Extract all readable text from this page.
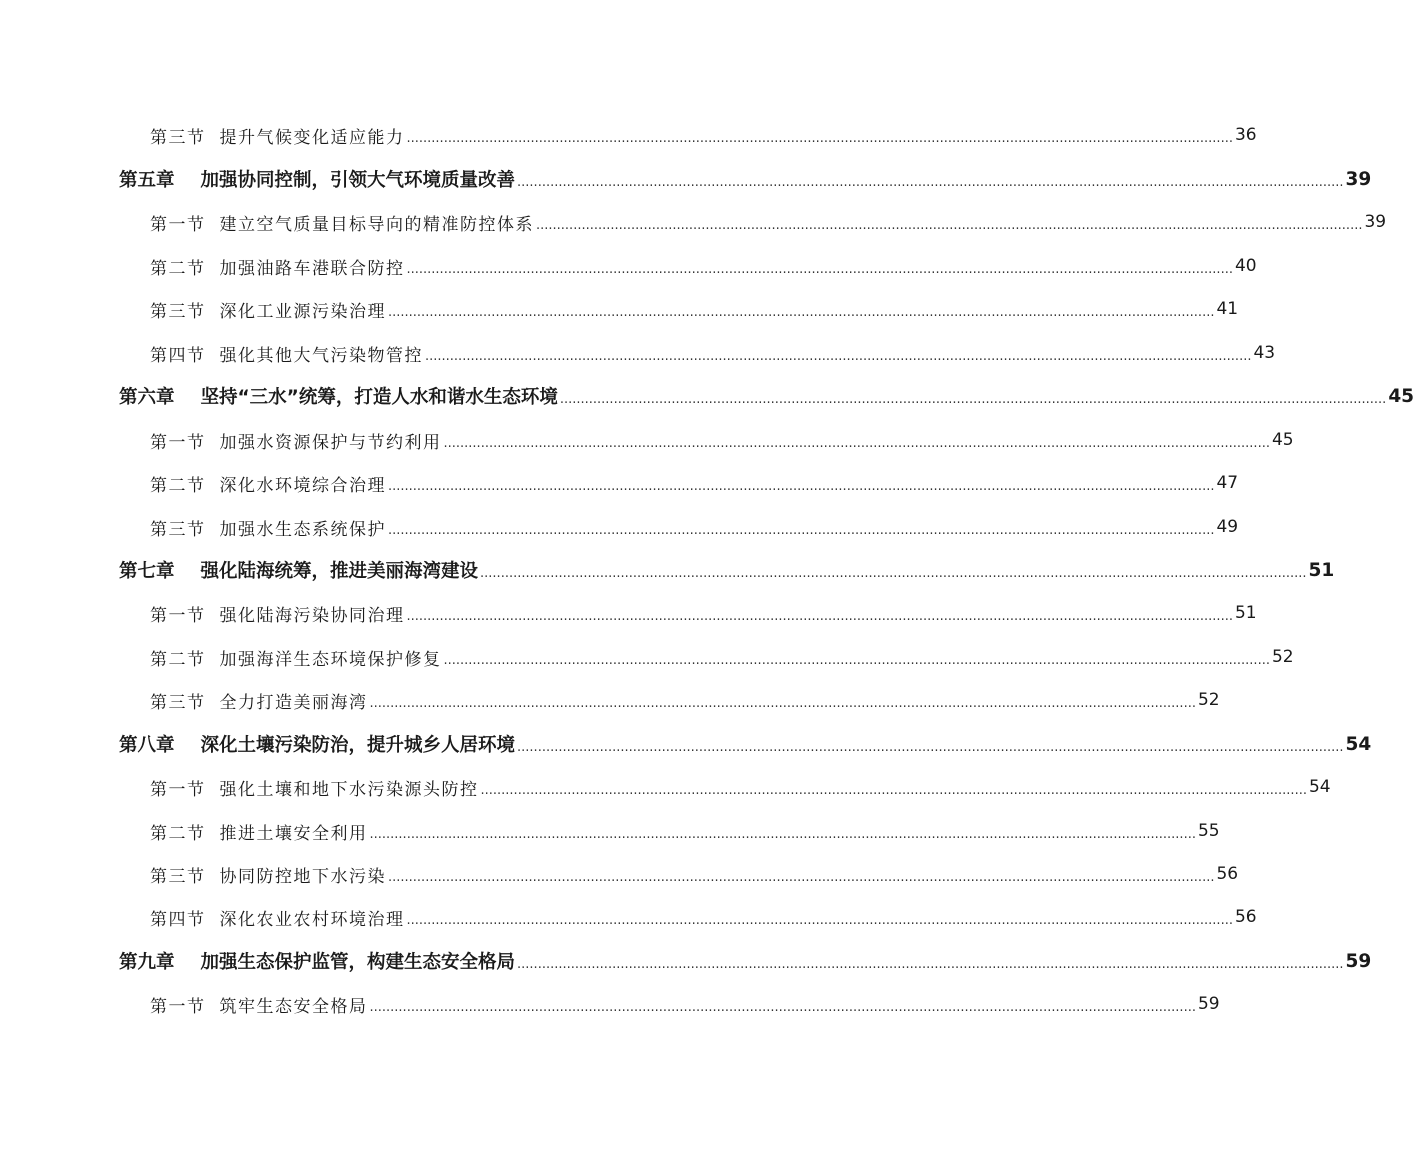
第三节 提升气候变化适应能力 ........................................................................................................................................................................................................ 36
第五章 加强协同控制，引领大气环境质量改善 ........................................................................................................................................................................................................ 39
第一节 建立空气质量目标导向的精准防控体系 ........................................................................................................................................................................................................ 39
第二节 加强油路车港联合防控 ........................................................................................................................................................................................................ 40
第三节 深化工业源污染治理 ........................................................................................................................................................................................................ 41
第四节 强化其他大气污染物管控 ........................................................................................................................................................................................................ 43
第六章 坚持“三水”统筹，打造人水和谐水生态环境 ........................................................................................................................................................................................................ 45
第一节 加强水资源保护与节约利用 ........................................................................................................................................................................................................ 45
第二节 深化水环境综合治理 ........................................................................................................................................................................................................ 47
第三节 加强水生态系统保护 ........................................................................................................................................................................................................ 49
第七章 强化陆海统筹，推进美丽海湾建设 ........................................................................................................................................................................................................ 51
第一节 强化陆海污染协同治理 ........................................................................................................................................................................................................ 51
第二节 加强海洋生态环境保护修复 ........................................................................................................................................................................................................ 52
第三节 全力打造美丽海湾 ........................................................................................................................................................................................................ 52
第八章 深化土壤污染防治，提升城乡人居环境 ........................................................................................................................................................................................................ 54
第一节 强化土壤和地下水污染源头防控 ........................................................................................................................................................................................................ 54
第二节 推进土壤安全利用 ........................................................................................................................................................................................................ 55
第三节 协同防控地下水污染 ........................................................................................................................................................................................................ 56
第四节 深化农业农村环境治理 ........................................................................................................................................................................................................ 56
第九章 加强生态保护监管，构建生态安全格局 ........................................................................................................................................................................................................ 59
第一节 筑牢生态安全格局 ........................................................................................................................................................................................................ 59
